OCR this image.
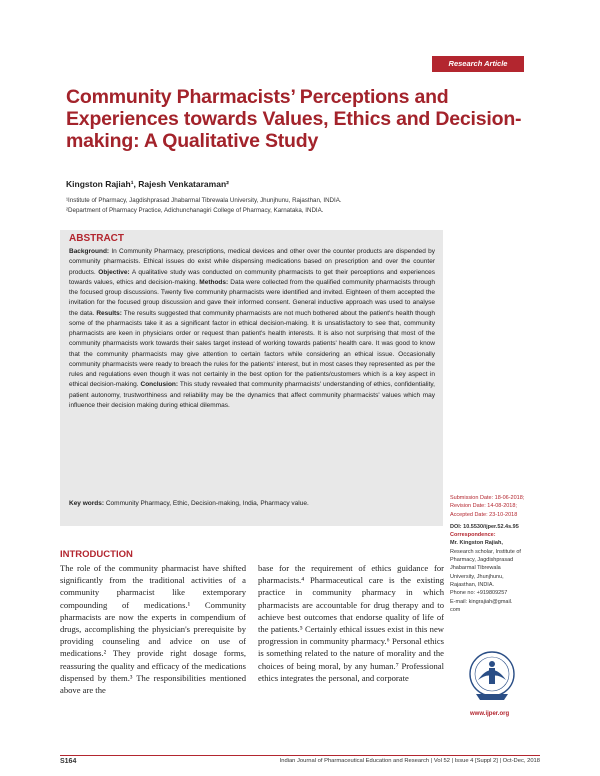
Research Article
Community Pharmacists’ Perceptions and Experiences towards Values, Ethics and Decision-making: A Qualitative Study
Kingston Rajiah¹, Rajesh Venkataraman²
¹Institute of Pharmacy, Jagdishprasad Jhabarmal Tibrewala University, Jhunjhunu, Rajasthan, INDIA.
²Department of Pharmacy Practice, Adichunchanagiri College of Pharmacy, Karnataka, INDIA.
ABSTRACT
Background: In Community Pharmacy, prescriptions, medical devices and other over the counter products are dispended by community pharmacists. Ethical issues do exist while dispensing medications based on prescription and over the counter products. Objective: A qualitative study was conducted on community pharmacists to get their perceptions and experiences towards values, ethics and decision-making. Methods: Data were collected from the qualified community pharmacists through the focused group discussions. Twenty five community pharmacists were identified and invited. Eighteen of them accepted the invitation for the focused group discussion and gave their informed consent. General inductive approach was used to analyse the data. Results: The results suggested that community pharmacists are not much bothered about the patient's health though some of the pharmacists take it as a significant factor in ethical decision-making. It is unsatisfactory to see that, community pharmacists are keen in physicians order or request than patient's health interests. It is also not surprising that most of the community pharmacists work towards their sales target instead of working towards patients' health care. It was good to know that the community pharmacists may give attention to certain factors while considering an ethical issue. Occasionally community pharmacists were ready to breach the rules for the patients' interest, but in most cases they represented as per the rules and regulations even though it was not certainly in the best option for the patients/customers which is a key aspect in ethical decision-making. Conclusion: This study revealed that community pharmacists' understanding of ethics, confidentiality, patient autonomy, trustworthiness and reliability may be the dynamics that affect community pharmacists' values which may influence their decision making during ethical dilemmas.
Key words: Community Pharmacy, Ethic, Decision-making, India, Pharmacy value.
Submission Date: 18-06-2018;
Revision Date: 14-08-2018;
Accepted Date: 23-10-2018
DOI: 10.5530/ijper.52.4s.95
Correspondence:
Mr. Kingston Rajiah,
Research scholar, Institute of
Pharmacy, Jagdishprasad
Jhabarmal Tibrewala
University, Jhunjhunu,
Rajasthan, INDIA.
Phone no: +919809257
E-mail: kingrajiah@gmail.
com
www.ijper.org
INTRODUCTION
The role of the community pharmacist have shifted significantly from the traditional activities of a community pharmacist like extemporary compounding of medications.¹ Community pharmacists are now the experts in compendium of drugs, accomplishing the physician's prerequisite by providing counseling and advice on use of medications.² They provide right dosage forms, reassuring the quality and efficacy of the medications dispensed by them.³ The responsibilities mentioned above are the
base for the requirement of ethics guidance for pharmacists.⁴ Pharmaceutical care is the existing practice in community pharmacy in which pharmacists are accountable for drug therapy and to achieve best outcomes that endorse quality of life of the patients.⁵ Certainly ethical issues exist in this new progression in community pharmacy.⁶ Personal ethics is something related to the nature of morality and the choices of being moral, by any human.⁷ Professional ethics integrates the personal, and corporate
S164	Indian Journal of Pharmaceutical Education and Research | Vol 52 | Issue 4 [Suppl 2] | Oct-Dec, 2018
